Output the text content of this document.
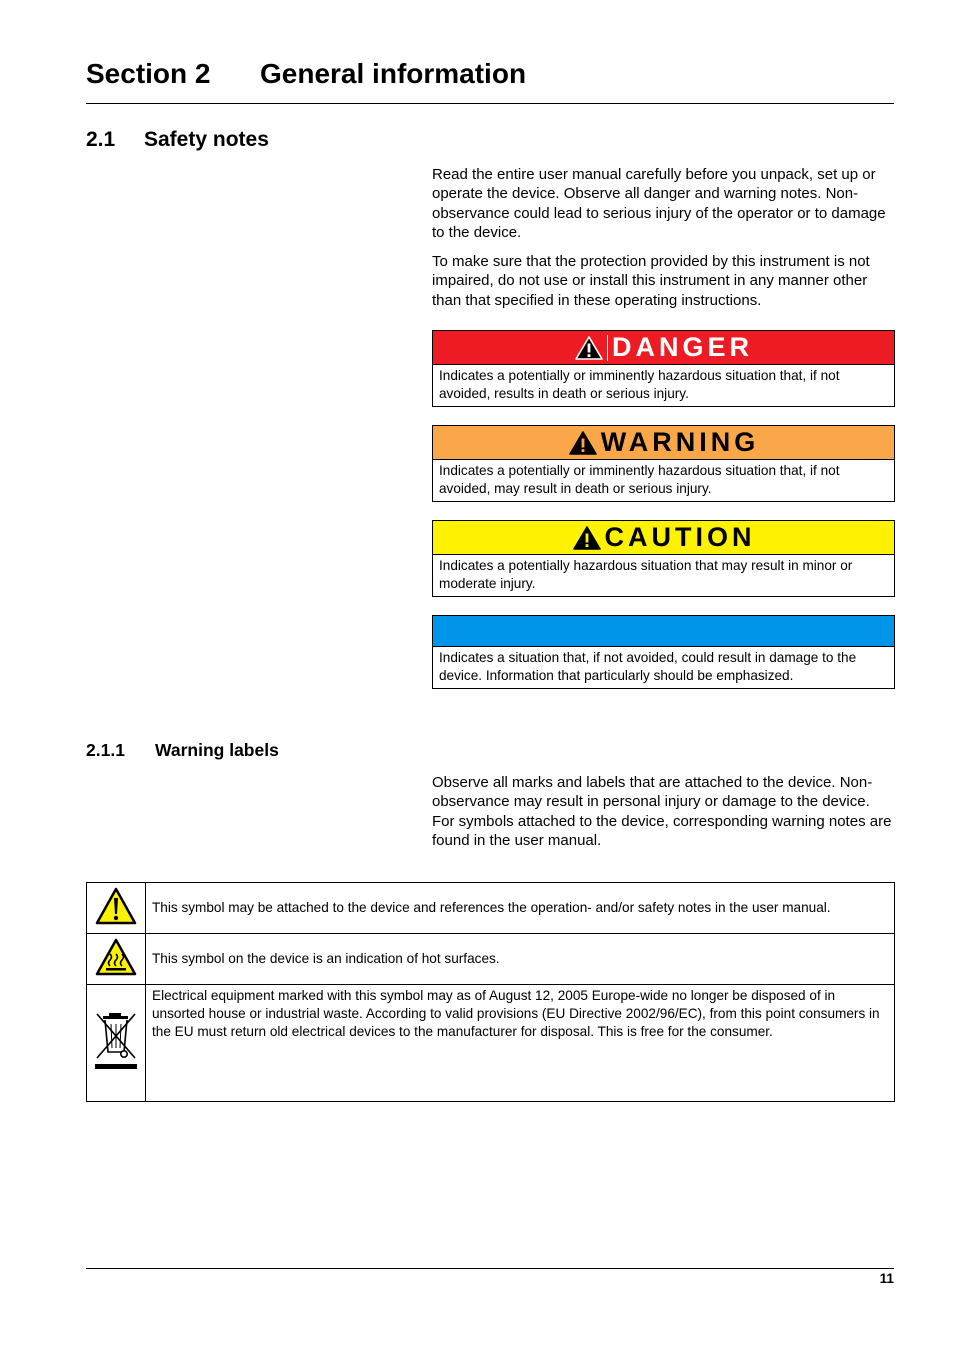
Section 2 General information
2.1 Safety notes
Read the entire user manual carefully before you unpack, set up or operate the device. Observe all danger and warning notes. Non-observance could lead to serious injury of the operator or to damage to the device.
To make sure that the protection provided by this instrument is not impaired, do not use or install this instrument in any manner other than that specified in these operating instructions.
DANGER
Indicates a potentially or imminently hazardous situation that, if not avoided, results in death or serious injury.
WARNING
Indicates a potentially or imminently hazardous situation that, if not avoided, may result in death or serious injury.
CAUTION
Indicates a potentially hazardous situation that may result in minor or moderate injury.
Indicates a situation that, if not avoided, could result in damage to the device. Information that particularly should be emphasized.
2.1.1 Warning labels
Observe all marks and labels that are attached to the device. Non-observance may result in personal injury or damage to the device. For symbols attached to the device, corresponding warning notes are found in the user manual.
	This symbol may be attached to the device and references the operation- and/or safety notes in the user manual.
	This symbol on the device is an indication of hot surfaces.
	Electrical equipment marked with this symbol may as of August 12, 2005 Europe-wide no longer be disposed of in unsorted house or industrial waste. According to valid provisions (EU Directive 2002/96/EC), from this point consumers in the EU must return old electrical devices to the manufacturer for disposal. This is free for the consumer.
11
